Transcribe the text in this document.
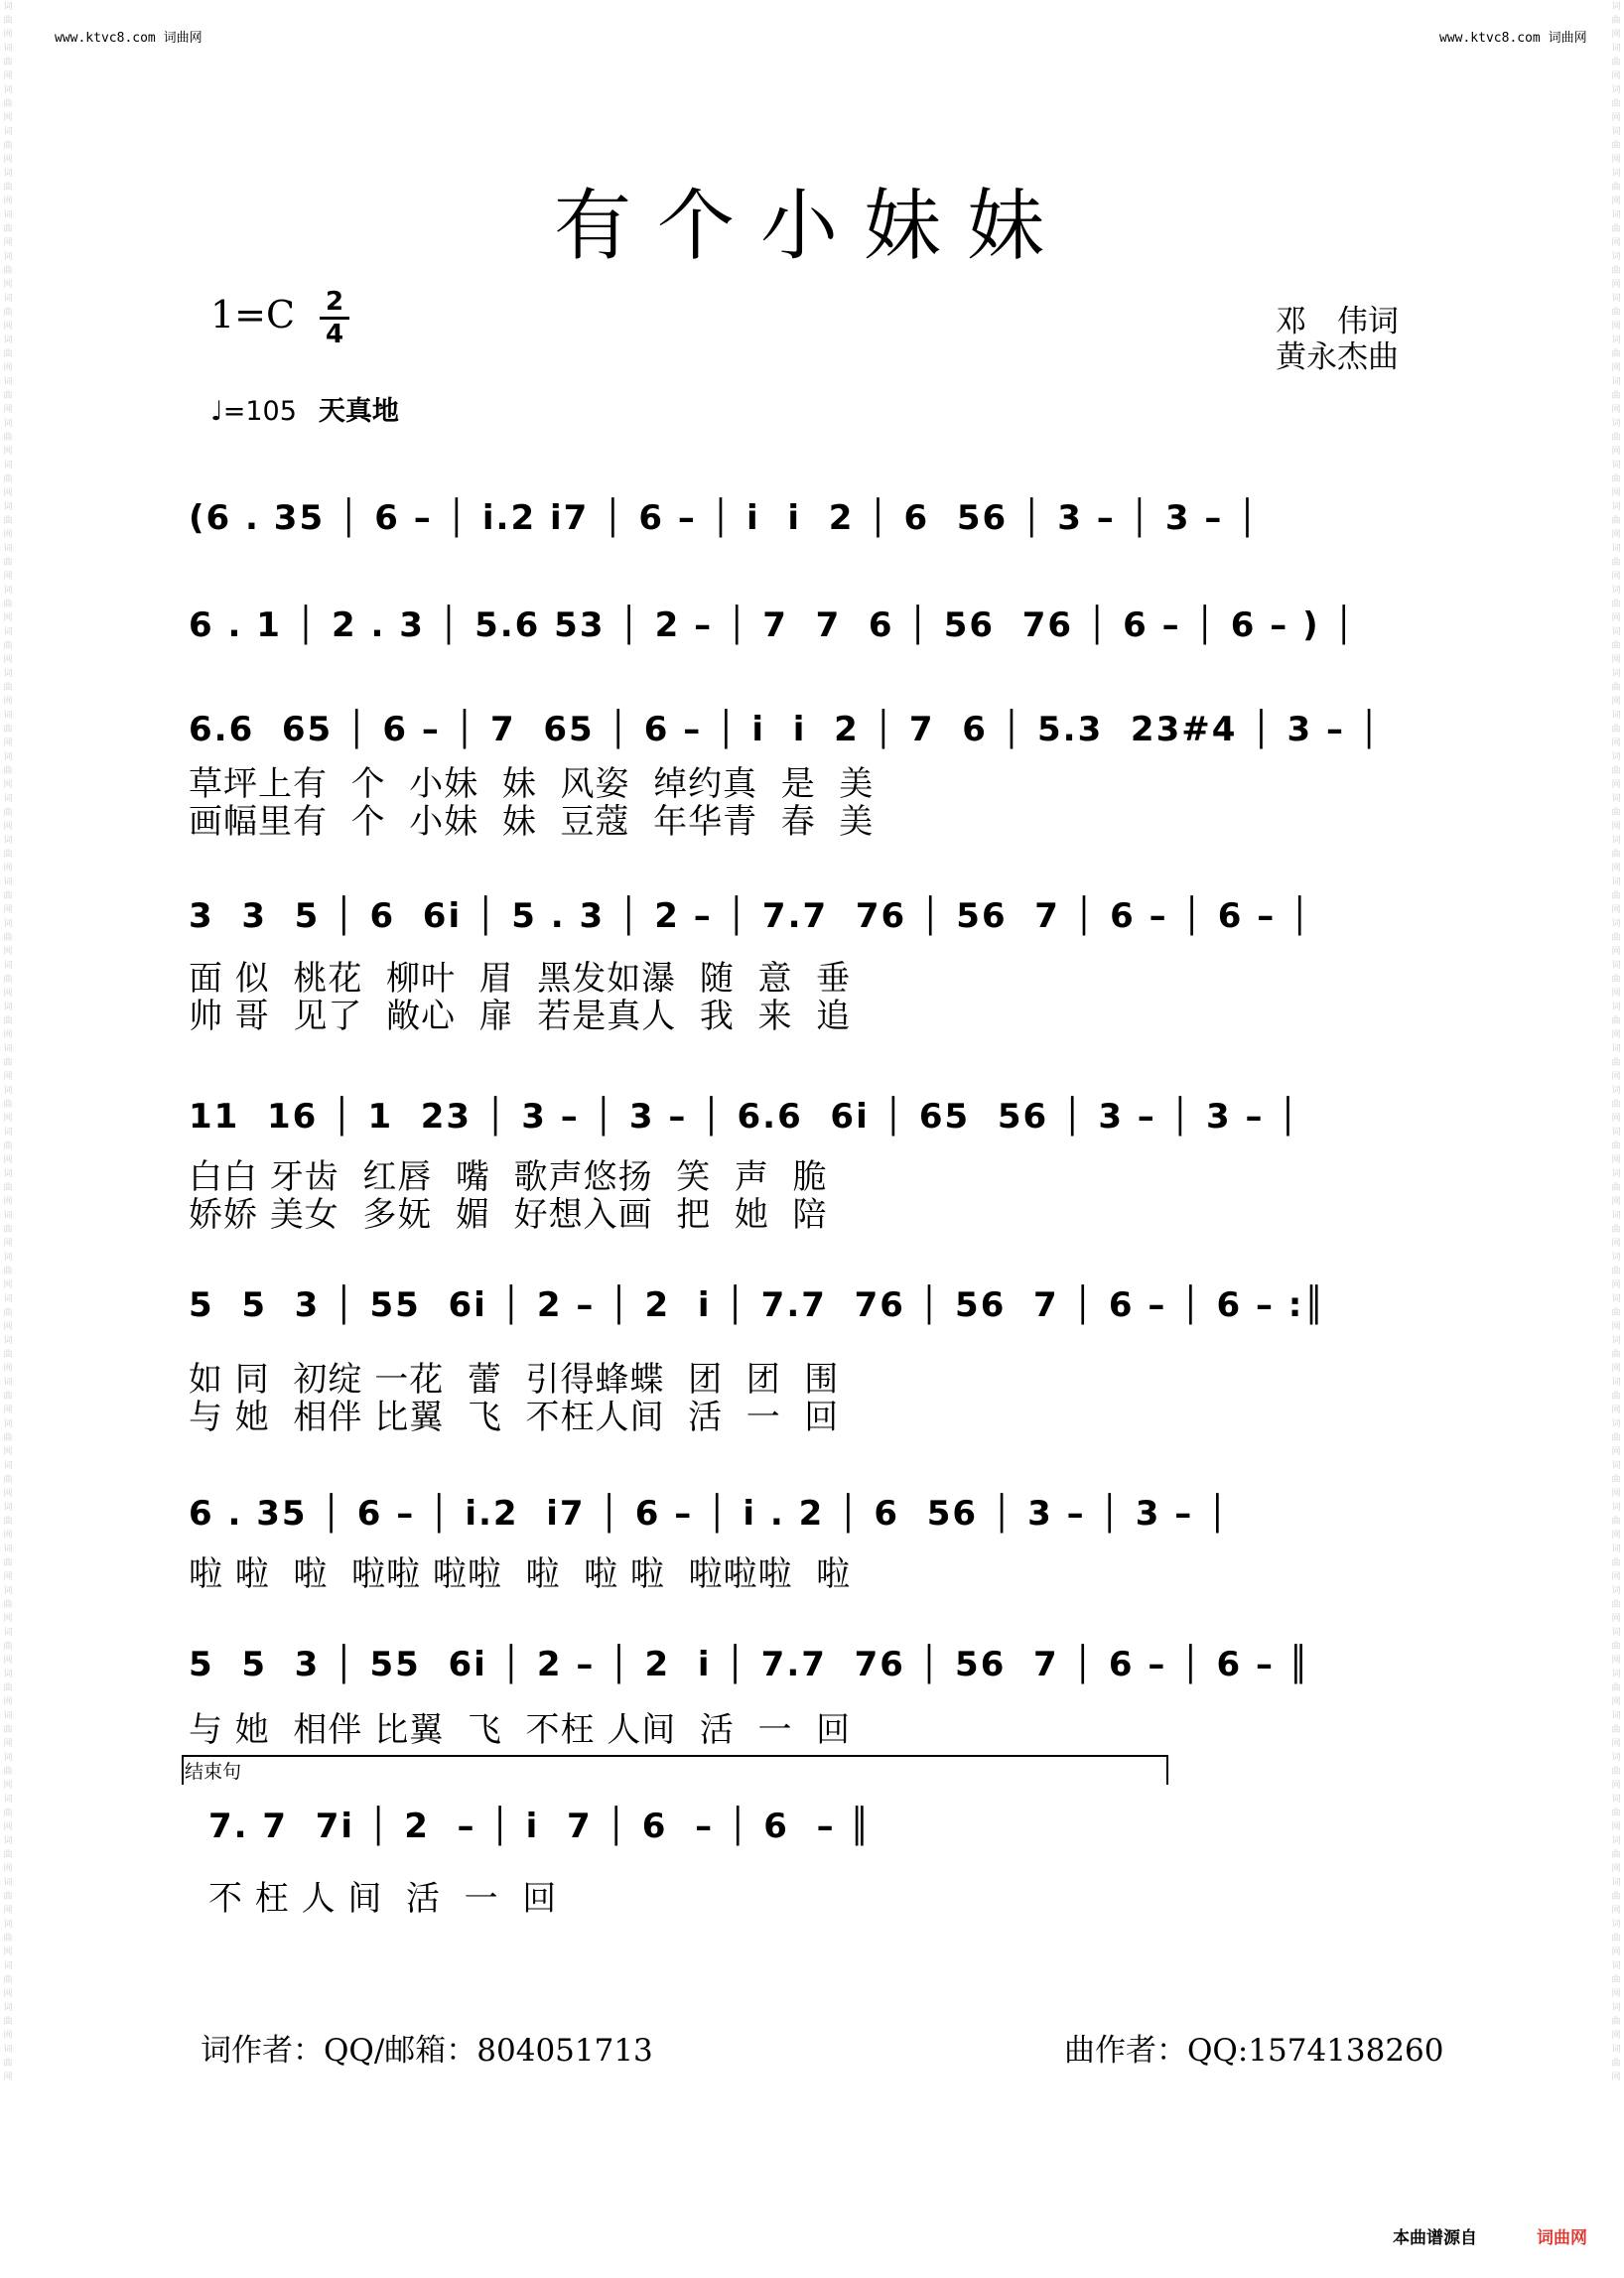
词曲网词曲网词曲网词曲网词曲网词曲网词曲网词曲网词曲网词曲网词曲网词曲网词曲网词曲网词曲网词曲网词曲网词曲网词曲网词曲网词曲网词曲网词曲网词曲网词曲网词曲网词曲网词曲网词曲网词曲网词曲网词曲网词曲网词曲网词曲网词曲网词曲网词曲网词曲网词曲网词曲网词曲网词曲网词曲网词曲网词曲网词曲网词曲网词曲网词曲网
词曲网词曲网词曲网词曲网词曲网词曲网词曲网词曲网词曲网词曲网词曲网词曲网词曲网词曲网词曲网词曲网词曲网词曲网词曲网词曲网词曲网词曲网词曲网词曲网词曲网词曲网词曲网词曲网词曲网词曲网词曲网词曲网词曲网词曲网词曲网词曲网词曲网词曲网词曲网词曲网词曲网词曲网词曲网词曲网词曲网词曲网词曲网词曲网词曲网词曲网
www.ktvc8.com 词曲网	www.ktvc8.com 词曲网
有个小妹妹
1=C 2
4	邓　伟词
黄永杰曲
♩=105 天真地
(6 . 35 │ 6 – │ i.2 i7 │ 6 – │ i  i  2 │ 6  56 │ 3 – │ 3 – │
6 . 1 │ 2 . 3 │ 5.6 53 │ 2 – │ 7  7  6 │ 56  76 │ 6 – │ 6 – ) │
6.6  65 │ 6 – │ 7  65 │ 6 – │ i  i  2 │ 7  6 │ 5.3  23#4 │ 3 – │
草坪上有  个  小妹  妹  风姿  绰约真  是  美
画幅里有  个  小妹  妹  豆蔻  年华青  春  美
3  3  5 │ 6  6i │ 5 . 3 │ 2 – │ 7.7  76 │ 56  7 │ 6 – │ 6 – │
面 似  桃花  柳叶  眉  黑发如瀑  随  意  垂
帅 哥  见了  敞心  扉  若是真人  我  来  追
11  16 │ 1  23 │ 3 – │ 3 – │ 6.6  6i │ 65  56 │ 3 – │ 3 – │
白白 牙齿  红唇  嘴  歌声悠扬  笑  声  脆
娇娇 美女  多妩  媚  好想入画  把  她  陪
5  5  3 │ 55  6i │ 2 – │ 2  i │ 7.7  76 │ 56  7 │ 6 – │ 6 – :║
如 同  初绽 一花  蕾  引得蜂蝶  团  团  围
与 她  相伴 比翼  飞  不枉人间  活  一  回
6 . 35 │ 6 – │ i.2  i7 │ 6 – │ i . 2 │ 6  56 │ 3 – │ 3 – │
啦 啦  啦  啦啦 啦啦  啦  啦 啦  啦啦啦  啦
5  5  3 │ 55  6i │ 2 – │ 2  i │ 7.7  76 │ 56  7 │ 6 – │ 6 – ║
与 她  相伴 比翼  飞  不枉 人间  活  一  回
结束句
7. 7  7i │ 2  – │ i  7 │ 6  – │ 6  – ║
不 枉 人 间  活  一  回
词作者：QQ/邮箱：804051713	曲作者：QQ:1574138260
本曲谱源自	词曲网
